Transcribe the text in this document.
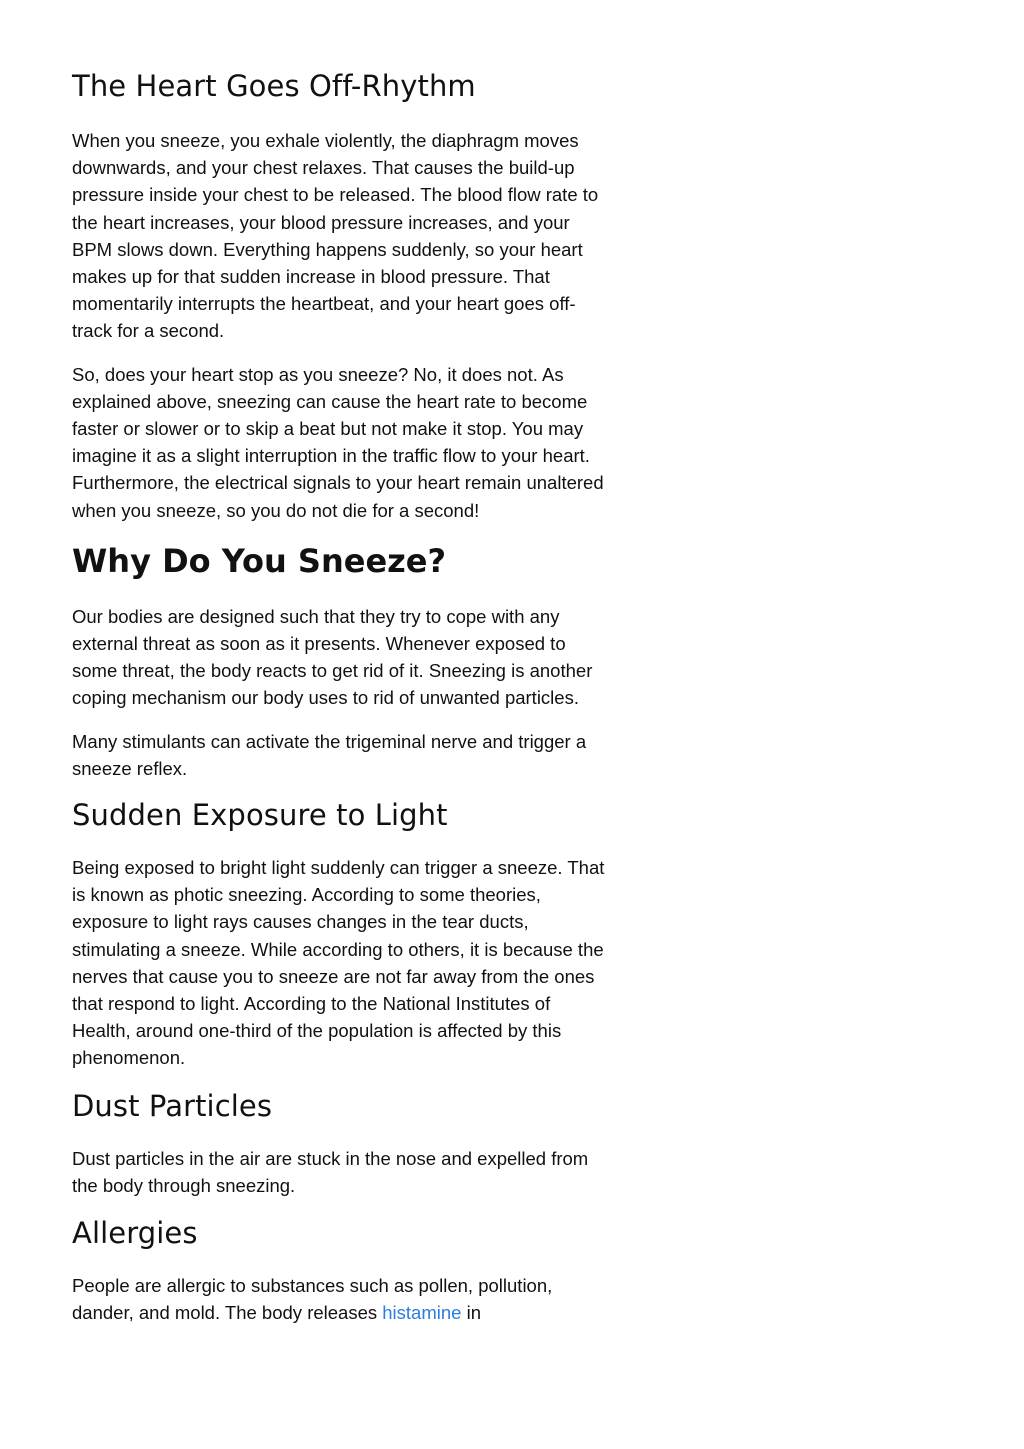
The Heart Goes Off-Rhythm

When you sneeze, you exhale violently, the diaphragm moves downwards, and your chest relaxes. That causes the build-up pressure inside your chest to be released. The blood flow rate to the heart increases, your blood pressure increases, and your BPM slows down. Everything happens suddenly, so your heart makes up for that sudden increase in blood pressure. That momentarily interrupts the heartbeat, and your heart goes off-track for a second.

So, does your heart stop as you sneeze? No, it does not. As explained above, sneezing can cause the heart rate to become faster or slower or to skip a beat but not make it stop. You may imagine it as a slight interruption in the traffic flow to your heart. Furthermore, the electrical signals to your heart remain unaltered when you sneeze, so you do not die for a second!

Why Do You Sneeze?

Our bodies are designed such that they try to cope with any external threat as soon as it presents. Whenever exposed to some threat, the body reacts to get rid of it. Sneezing is another coping mechanism our body uses to rid of unwanted particles.

Many stimulants can activate the trigeminal nerve and trigger a sneeze reflex.

Sudden Exposure to Light

Being exposed to bright light suddenly can trigger a sneeze. That is known as photic sneezing. According to some theories, exposure to light rays causes changes in the tear ducts, stimulating a sneeze. While according to others, it is because the nerves that cause you to sneeze are not far away from the ones that respond to light. According to the National Institutes of Health, around one-third of the population is affected by this phenomenon.

Dust Particles

Dust particles in the air are stuck in the nose and expelled from the body through sneezing.

Allergies

People are allergic to substances such as pollen, pollution, dander, and mold. The body releases histamine in
